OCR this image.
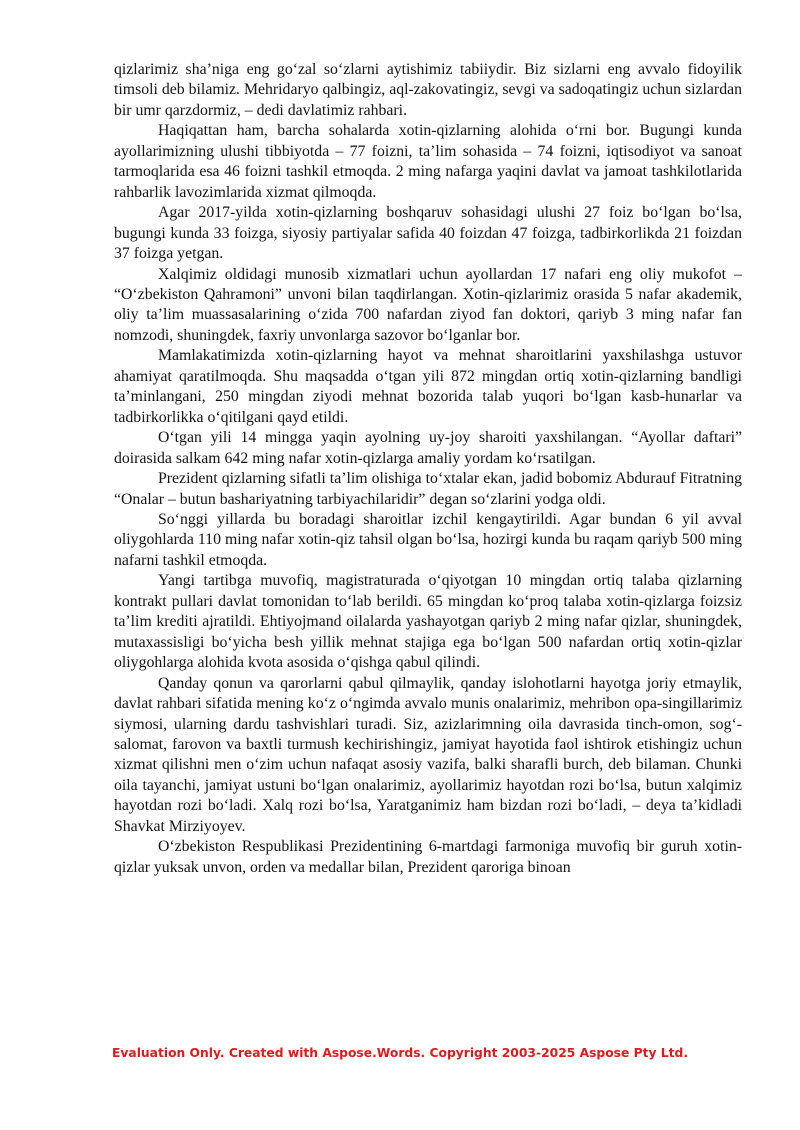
qizlarimiz sha’niga eng go‘zal so‘zlarni aytishimiz tabiiydir. Biz sizlarni eng avvalo fidoyilik timsoli deb bilamiz. Mehridaryo qalbingiz, aql-zakovatingiz, sevgi va sadoqatingiz uchun sizlardan bir umr qarzdormiz, – dedi davlatimiz rahbari.

Haqiqattan ham, barcha sohalarda xotin-qizlarning alohida o‘rni bor. Bugungi kunda ayollarimizning ulushi tibbiyotda – 77 foizni, ta’lim sohasida – 74 foizni, iqtisodiyot va sanoat tarmoqlarida esa 46 foizni tashkil etmoqda. 2 ming nafarga yaqini davlat va jamoat tashkilotlarida rahbarlik lavozimlarida xizmat qilmoqda.

Agar 2017-yilda xotin-qizlarning boshqaruv sohasidagi ulushi 27 foiz bo‘lgan bo‘lsa, bugungi kunda 33 foizga, siyosiy partiyalar safida 40 foizdan 47 foizga, tadbirkorlikda 21 foizdan 37 foizga yetgan.

Xalqimiz oldidagi munosib xizmatlari uchun ayollardan 17 nafari eng oliy mukofot – “O‘zbekiston Qahramoni” unvoni bilan taqdirlangan. Xotin-qizlarimiz orasida 5 nafar akademik, oliy ta’lim muassasalarining o‘zida 700 nafardan ziyod fan doktori, qariyb 3 ming nafar fan nomzodi, shuningdek, faxriy unvonlarga sazovor bo‘lganlar bor.

Mamlakatimizda xotin-qizlarning hayot va mehnat sharoitlarini yaxshilashga ustuvor ahamiyat qaratilmoqda. Shu maqsadda o‘tgan yili 872 mingdan ortiq xotin-qizlarning bandligi ta’minlangani, 250 mingdan ziyodi mehnat bozorida talab yuqori bo‘lgan kasb-hunarlar va tadbirkorlikka o‘qitilgani qayd etildi.

O‘tgan yili 14 mingga yaqin ayolning uy-joy sharoiti yaxshilangan. “Ayollar daftari” doirasida salkam 642 ming nafar xotin-qizlarga amaliy yordam ko‘rsatilgan.

Prezident qizlarning sifatli ta’lim olishiga to‘xtalar ekan, jadid bobomiz Abdurauf Fitratning “Onalar – butun bashariyatning tarbiyachilaridir” degan so‘zlarini yodga oldi.

So‘nggi yillarda bu boradagi sharoitlar izchil kengaytirildi. Agar bundan 6 yil avval oliygohlarda 110 ming nafar xotin-qiz tahsil olgan bo‘lsa, hozirgi kunda bu raqam qariyb 500 ming nafarni tashkil etmoqda.

Yangi tartibga muvofiq, magistraturada o‘qiyotgan 10 mingdan ortiq talaba qizlarning kontrakt pullari davlat tomonidan to‘lab berildi. 65 mingdan ko‘proq talaba xotin-qizlarga foizsiz ta’lim krediti ajratildi. Ehtiyojmand oilalarda yashayotgan qariyb 2 ming nafar qizlar, shuningdek, mutaxassisligi bo‘yicha besh yillik mehnat stajiga ega bo‘lgan 500 nafardan ortiq xotin-qizlar oliygohlarga alohida kvota asosida o‘qishga qabul qilindi.

Qanday qonun va qarorlarni qabul qilmaylik, qanday islohotlarni hayotga joriy etmaylik, davlat rahbari sifatida mening ko‘z o‘ngimda avvalo munis onalarimiz, mehribon opa-singillarimiz siymosi, ularning dardu tashvishlari turadi. Siz, azizlarimning oila davrasida tinch-omon, sog‘-salomat, farovon va baxtli turmush kechirishingiz, jamiyat hayotida faol ishtirok etishingiz uchun xizmat qilishni men o‘zim uchun nafaqat asosiy vazifa, balki sharafli burch, deb bilaman. Chunki oila tayanchi, jamiyat ustuni bo‘lgan onalarimiz, ayollarimiz hayotdan rozi bo‘lsa, butun xalqimiz hayotdan rozi bo‘ladi. Xalq rozi bo‘lsa, Yaratganimiz ham bizdan rozi bo‘ladi, – deya ta’kidladi Shavkat Mirziyoyev.

O‘zbekiston Respublikasi Prezidentining 6-martdagi farmoniga muvofiq bir guruh xotin-qizlar yuksak unvon, orden va medallar bilan, Prezident qaroriga binoan

Evaluation Only. Created with Aspose.Words. Copyright 2003-2025 Aspose Pty Ltd.
